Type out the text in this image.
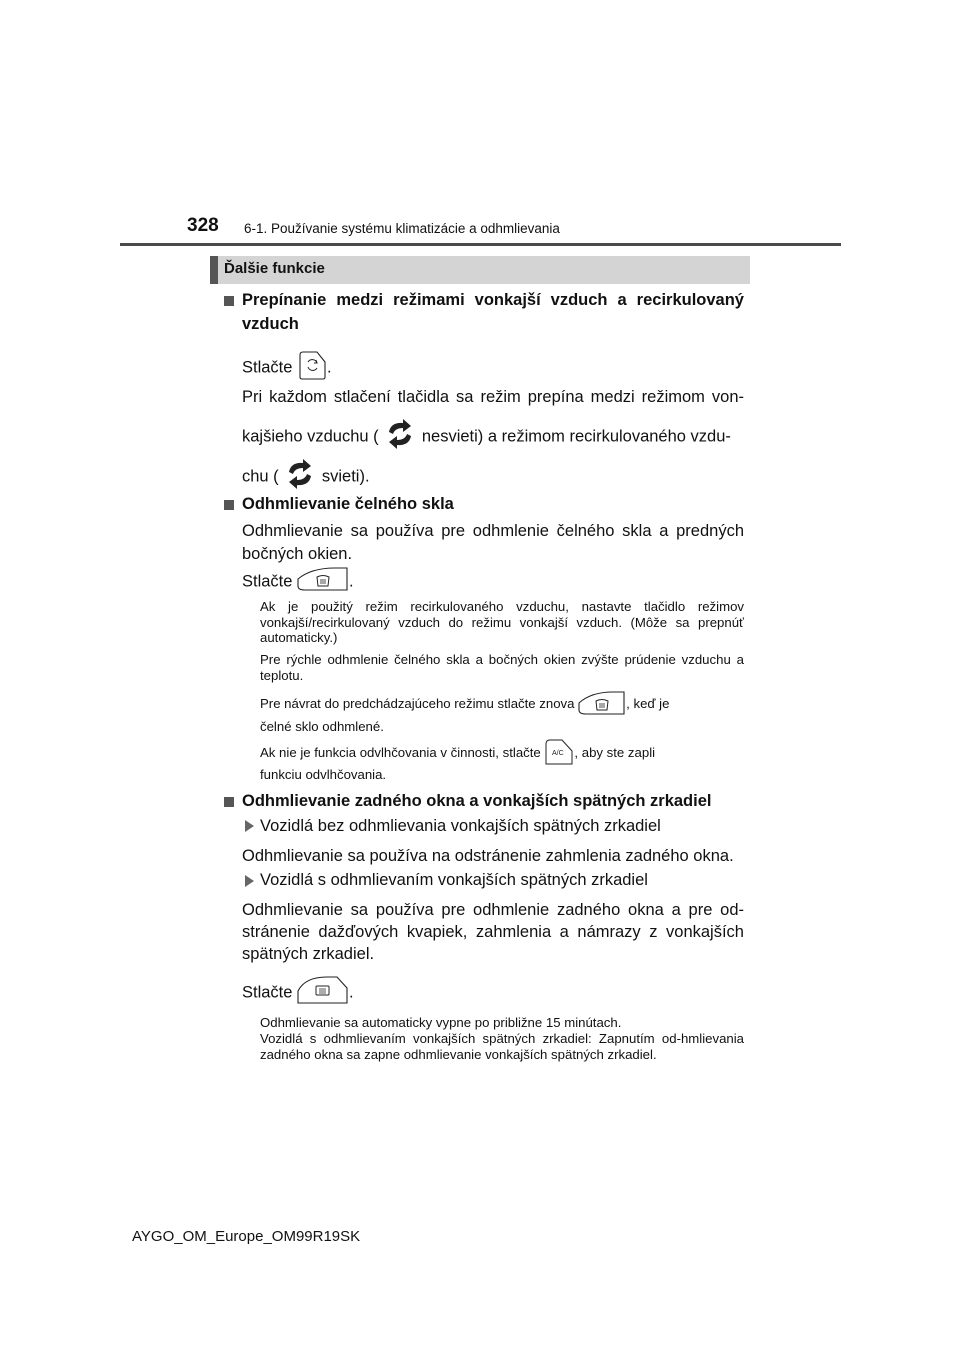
328 6-1. Používanie systému klimatizácie a odhmlievania
Ďalšie funkcie
Prepínanie medzi režimami vonkajší vzduch a recirkulovaný
vzduch
Stlačte .
Pri každom stlačení tlačidla sa režim prepína medzi režimom von-
kajšieho vzduchu (	nesvieti) a režimom recirkulovaného vzdu-
chu (	svieti).
Odhmlievanie čelného skla
Odhmlievanie sa používa pre odhmlenie čelného skla a predných
bočných okien.
Stlačte	.
Ak je použitý režim recirkulovaného vzduchu, nastavte tlačidlo režimov vonkajší/recirkulovaný vzduch do režimu vonkajší vzduch. (Môže sa prepnúť automaticky.)
Pre rýchle odhmlenie čelného skla a bočných okien zvýšte prúdenie vzduchu a teplotu.
Pre návrat do predchádzajúceho režimu stlačte znova	, keď je
čelné sklo odhmlené.
Ak nie je funkcia odvlhčovania v činnosti, stlačte A/C , aby ste zapli
funkciu odvlhčovania.
Odhmlievanie zadného okna a vonkajších spätných zrkadiel
Vozidlá bez odhmlievania vonkajších spätných zrkadiel
Odhmlievanie sa používa na odstránenie zahmlenia zadného okna.
Vozidlá s odhmlievaním vonkajších spätných zrkadiel
Odhmlievanie sa používa pre odhmlenie zadného okna a pre od-
stránenie dažďových kvapiek, zahmlenia a námrazy z vonkajších
spätných zrkadiel.
Stlačte	.
Odhmlievanie sa automaticky vypne po približne 15 minútach.
Vozidlá s odhmlievaním vonkajších spätných zrkadiel: Zapnutím od-hmlievania zadného okna sa zapne odhmlievanie vonkajších spätných zrkadiel.
AYGO_OM_Europe_OM99R19SK
